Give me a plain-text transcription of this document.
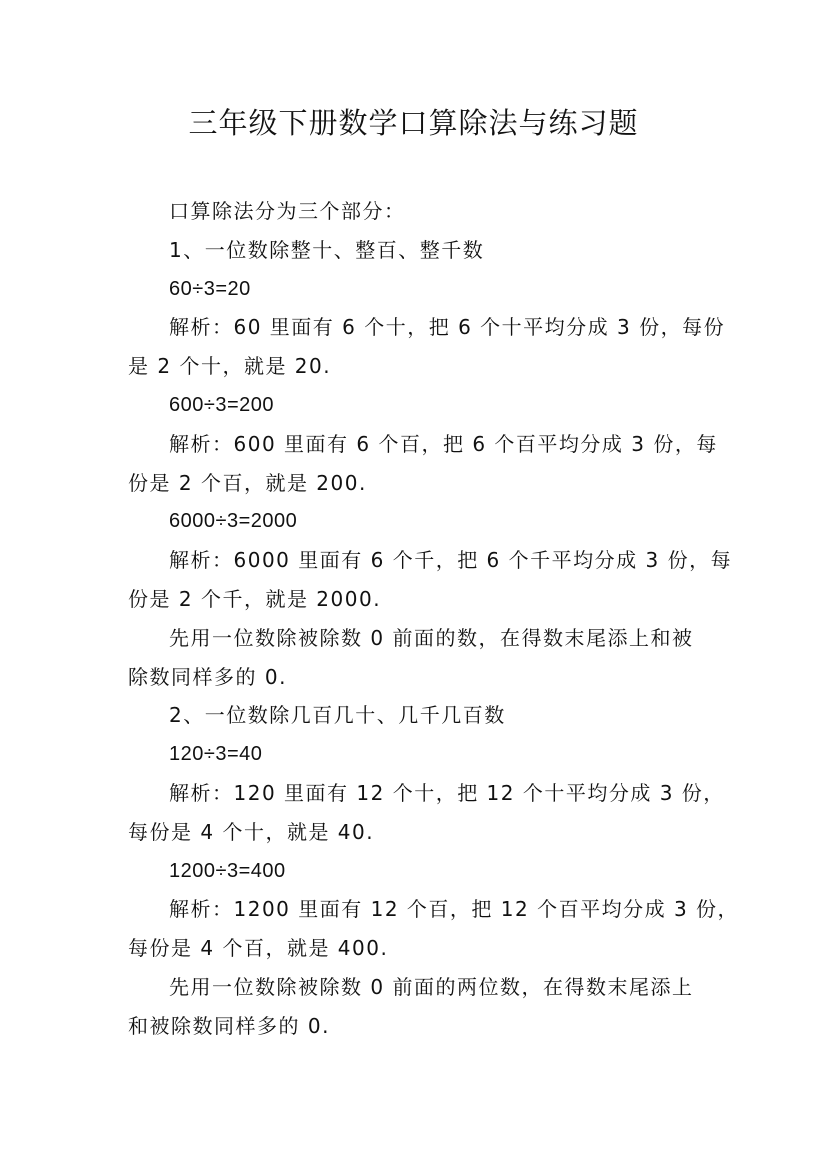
三年级下册数学口算除法与练习题
口算除法分为三个部分：
1、一位数除整十、整百、整千数
60÷3=20
解析：60 里面有 6 个十，把 6 个十平均分成 3 份，每份
是 2 个十，就是 20.
600÷3=200
解析：600 里面有 6 个百，把 6 个百平均分成 3 份，每
份是 2 个百，就是 200.
6000÷3=2000
解析：6000 里面有 6 个千，把 6 个千平均分成 3 份，每
份是 2 个千，就是 2000.
先用一位数除被除数 0 前面的数，在得数末尾添上和被
除数同样多的 0.
2、一位数除几百几十、几千几百数
120÷3=40
解析：120 里面有 12 个十，把 12 个十平均分成 3 份，
每份是 4 个十，就是 40.
1200÷3=400
解析：1200 里面有 12 个百，把 12 个百平均分成 3 份，
每份是 4 个百，就是 400.
先用一位数除被除数 0 前面的两位数，在得数末尾添上
和被除数同样多的 0.
